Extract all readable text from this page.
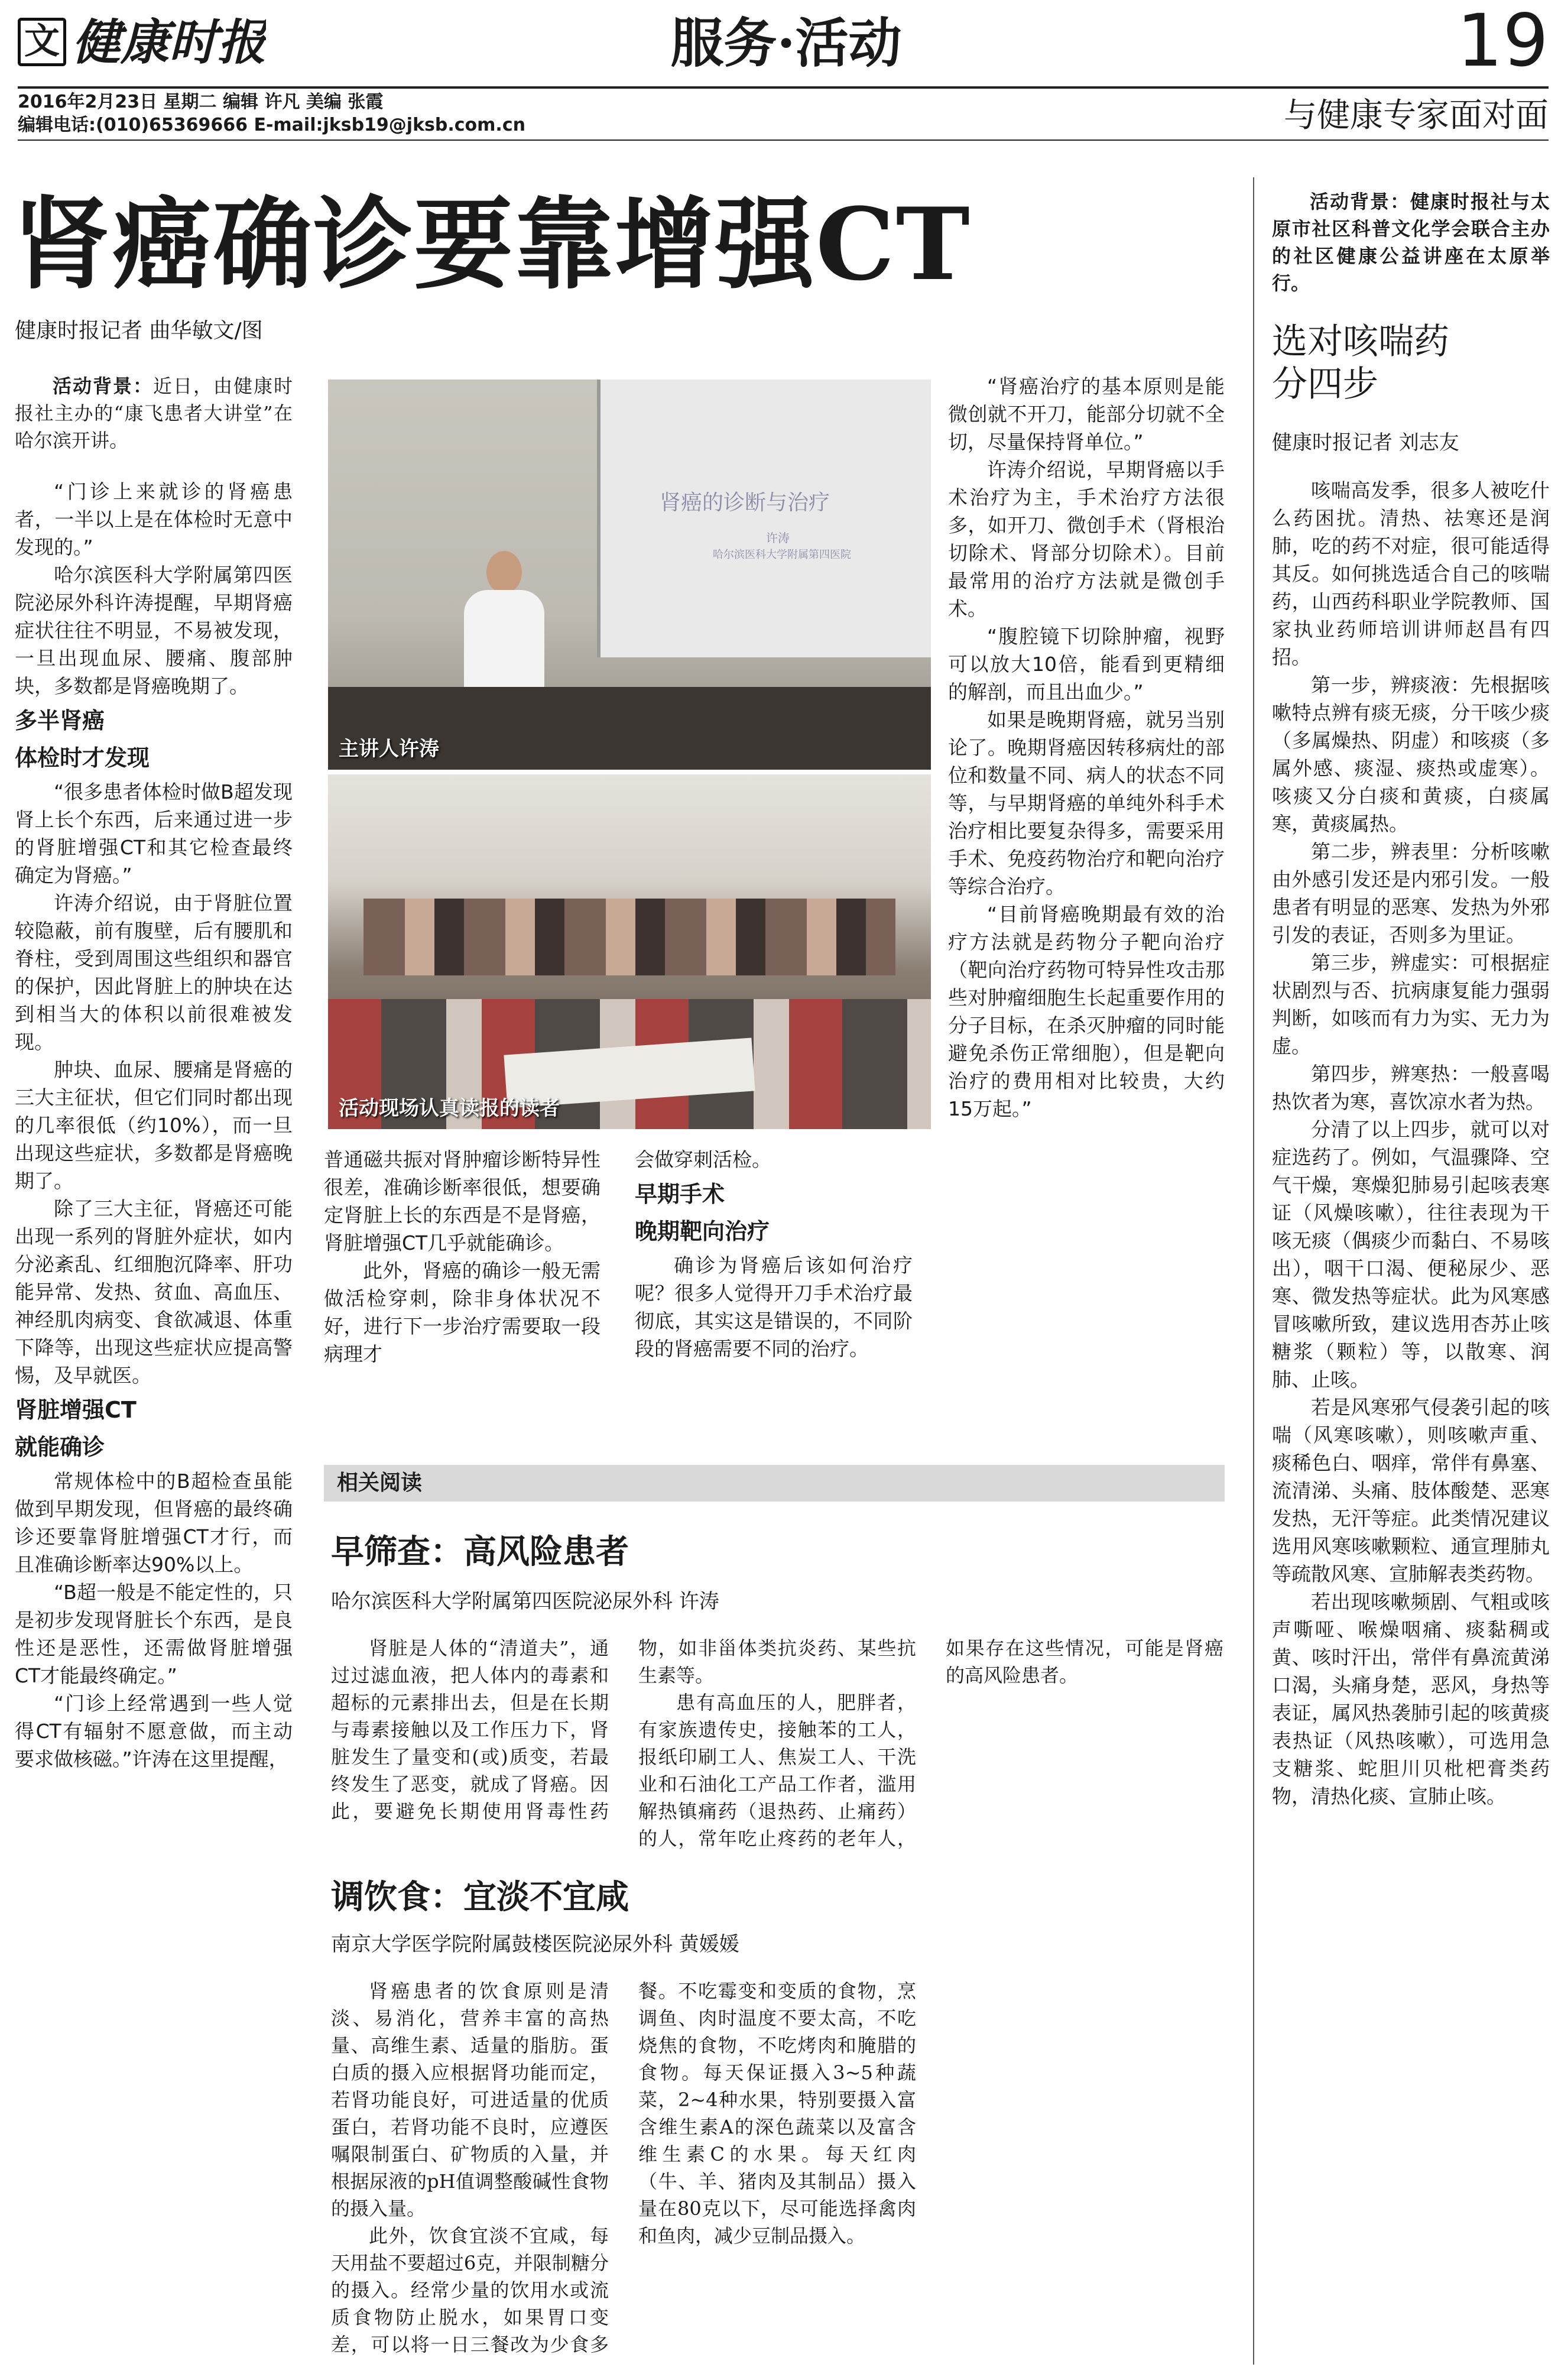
文 健康时报	服务·活动	19
2016年2月23日 星期二 编辑 许凡 美编 张霞
编辑电话:(010)65369666 E-mail:jksb19@jksb.com.cn	与健康专家面对面
肾癌确诊要靠增强CT
健康时报记者 曲华敏文/图

活动背景：近日，由健康时报社主办的“康飞患者大讲堂”在哈尔滨开讲。

“门诊上来就诊的肾癌患者，一半以上是在体检时无意中发现的。”

哈尔滨医科大学附属第四医院泌尿外科许涛提醒，早期肾癌症状往往不明显，不易被发现，一旦出现血尿、腰痛、腹部肿块，多数都是肾癌晚期了。

多半肾癌
体检时才发现

“很多患者体检时做B超发现肾上长个东西，后来通过进一步的肾脏增强CT和其它检查最终确定为肾癌。”

许涛介绍说，由于肾脏位置较隐蔽，前有腹壁，后有腰肌和脊柱，受到周围这些组织和器官的保护，因此肾脏上的肿块在达到相当大的体积以前很难被发现。

肿块、血尿、腰痛是肾癌的三大主征状，但它们同时都出现的几率很低（约10%），而一旦出现这些症状，多数都是肾癌晚期了。

除了三大主征，肾癌还可能出现一系列的肾脏外症状，如内分泌紊乱、红细胞沉降率、肝功能异常、发热、贫血、高血压、神经肌肉病变、食欲减退、体重下降等，出现这些症状应提高警惕，及早就医。

肾脏增强CT
就能确诊

常规体检中的B超检查虽能做到早期发现，但肾癌的最终确诊还要靠肾脏增强CT才行，而且准确诊断率达90%以上。

“B超一般是不能定性的，只是初步发现肾脏长个东西，是良性还是恶性，还需做肾脏增强CT才能最终确定。”

“门诊上经常遇到一些人觉得CT有辐射不愿意做，而主动要求做核磁。”许涛在这里提醒，

肾癌的诊断与治疗
许涛
哈尔滨医科大学附属第四医院
主讲人许涛
活动现场认真读报的读者

普通磁共振对肾肿瘤诊断特异性很差，准确诊断率很低，想要确定肾脏上长的东西是不是肾癌，肾脏增强CT几乎就能确诊。

此外，肾癌的确诊一般无需做活检穿刺，除非身体状况不好，进行下一步治疗需要取一段病理才

会做穿刺活检。

早期手术
晚期靶向治疗

确诊为肾癌后该如何治疗呢？很多人觉得开刀手术治疗最彻底，其实这是错误的，不同阶段的肾癌需要不同的治疗。

“肾癌治疗的基本原则是能微创就不开刀，能部分切就不全切，尽量保持肾单位。”

许涛介绍说，早期肾癌以手术治疗为主，手术治疗方法很多，如开刀、微创手术（肾根治切除术、肾部分切除术）。目前最常用的治疗方法就是微创手术。

“腹腔镜下切除肿瘤，视野可以放大10倍，能看到更精细的解剖，而且出血少。”

如果是晚期肾癌，就另当别论了。晚期肾癌因转移病灶的部位和数量不同、病人的状态不同等，与早期肾癌的单纯外科手术治疗相比要复杂得多，需要采用手术、免疫药物治疗和靶向治疗等综合治疗。

“目前肾癌晚期最有效的治疗方法就是药物分子靶向治疗（靶向治疗药物可特异性攻击那些对肿瘤细胞生长起重要作用的分子目标，在杀灭肿瘤的同时能避免杀伤正常细胞），但是靶向治疗的费用相对比较贵，大约15万起。”

相关阅读
早筛查：高风险患者
哈尔滨医科大学附属第四医院泌尿外科 许涛

肾脏是人体的“清道夫”，通过过滤血液，把人体内的毒素和超标的元素排出去，但是在长期与毒素接触以及工作压力下，肾脏发生了量变和(或)质变，若最终发生了恶变，就成了肾癌。因此，要避免长期使用肾毒性药物，如非甾体类抗炎药、某些抗生素等。

患有高血压的人，肥胖者，有家族遗传史，接触苯的工人，报纸印刷工人、焦炭工人、干洗业和石油化工产品工作者，滥用解热镇痛药（退热药、止痛药）的人，常年吃止疼药的老年人，如果存在这些情况，可能是肾癌的高风险患者。

调饮食：宜淡不宜咸
南京大学医学院附属鼓楼医院泌尿外科 黄媛媛

肾癌患者的饮食原则是清淡、易消化，营养丰富的高热量、高维生素、适量的脂肪。蛋白质的摄入应根据肾功能而定，若肾功能良好，可进适量的优质蛋白，若肾功能不良时，应遵医嘱限制蛋白、矿物质的入量，并根据尿液的pH值调整酸碱性食物的摄入量。

此外，饮食宜淡不宜咸，每天用盐不要超过6克，并限制糖分的摄入。经常少量的饮用水或流质食物防止脱水，如果胃口变差，可以将一日三餐改为少食多餐。不吃霉变和变质的食物，烹调鱼、肉时温度不要太高，不吃烧焦的食物，不吃烤肉和腌腊的食物。每天保证摄入3~5种蔬菜，2~4种水果，特别要摄入富含维生素A的深色蔬菜以及富含维生素C的水果。每天红肉（牛、羊、猪肉及其制品）摄入量在80克以下，尽可能选择禽肉和鱼肉，减少豆制品摄入。

活动背景：健康时报社与太原市社区科普文化学会联合主办的社区健康公益讲座在太原举行。

选对咳喘药
分四步
健康时报记者 刘志友

咳喘高发季，很多人被吃什么药困扰。清热、祛寒还是润肺，吃的药不对症，很可能适得其反。如何挑选适合自己的咳喘药，山西药科职业学院教师、国家执业药师培训讲师赵昌有四招。

第一步，辨痰液：先根据咳嗽特点辨有痰无痰，分干咳少痰（多属燥热、阴虚）和咳痰（多属外感、痰湿、痰热或虚寒）。咳痰又分白痰和黄痰，白痰属寒，黄痰属热。

第二步，辨表里：分析咳嗽由外感引发还是内邪引发。一般患者有明显的恶寒、发热为外邪引发的表证，否则多为里证。

第三步，辨虚实：可根据症状剧烈与否、抗病康复能力强弱判断，如咳而有力为实、无力为虚。

第四步，辨寒热：一般喜喝热饮者为寒，喜饮凉水者为热。

分清了以上四步，就可以对症选药了。例如，气温骤降、空气干燥，寒燥犯肺易引起咳表寒证（风燥咳嗽），往往表现为干咳无痰（偶痰少而黏白、不易咳出），咽干口渴、便秘尿少、恶寒、微发热等症状。此为风寒感冒咳嗽所致，建议选用杏苏止咳糖浆（颗粒）等，以散寒、润肺、止咳。

若是风寒邪气侵袭引起的咳喘（风寒咳嗽），则咳嗽声重、痰稀色白、咽痒，常伴有鼻塞、流清涕、头痛、肢体酸楚、恶寒发热，无汗等症。此类情况建议选用风寒咳嗽颗粒、通宣理肺丸等疏散风寒、宣肺解表类药物。

若出现咳嗽频剧、气粗或咳声嘶哑、喉燥咽痛、痰黏稠或黄、咳时汗出，常伴有鼻流黄涕口渴，头痛身楚，恶风，身热等表证，属风热袭肺引起的咳黄痰表热证（风热咳嗽），可选用急支糖浆、蛇胆川贝枇杷膏类药物，清热化痰、宣肺止咳。
